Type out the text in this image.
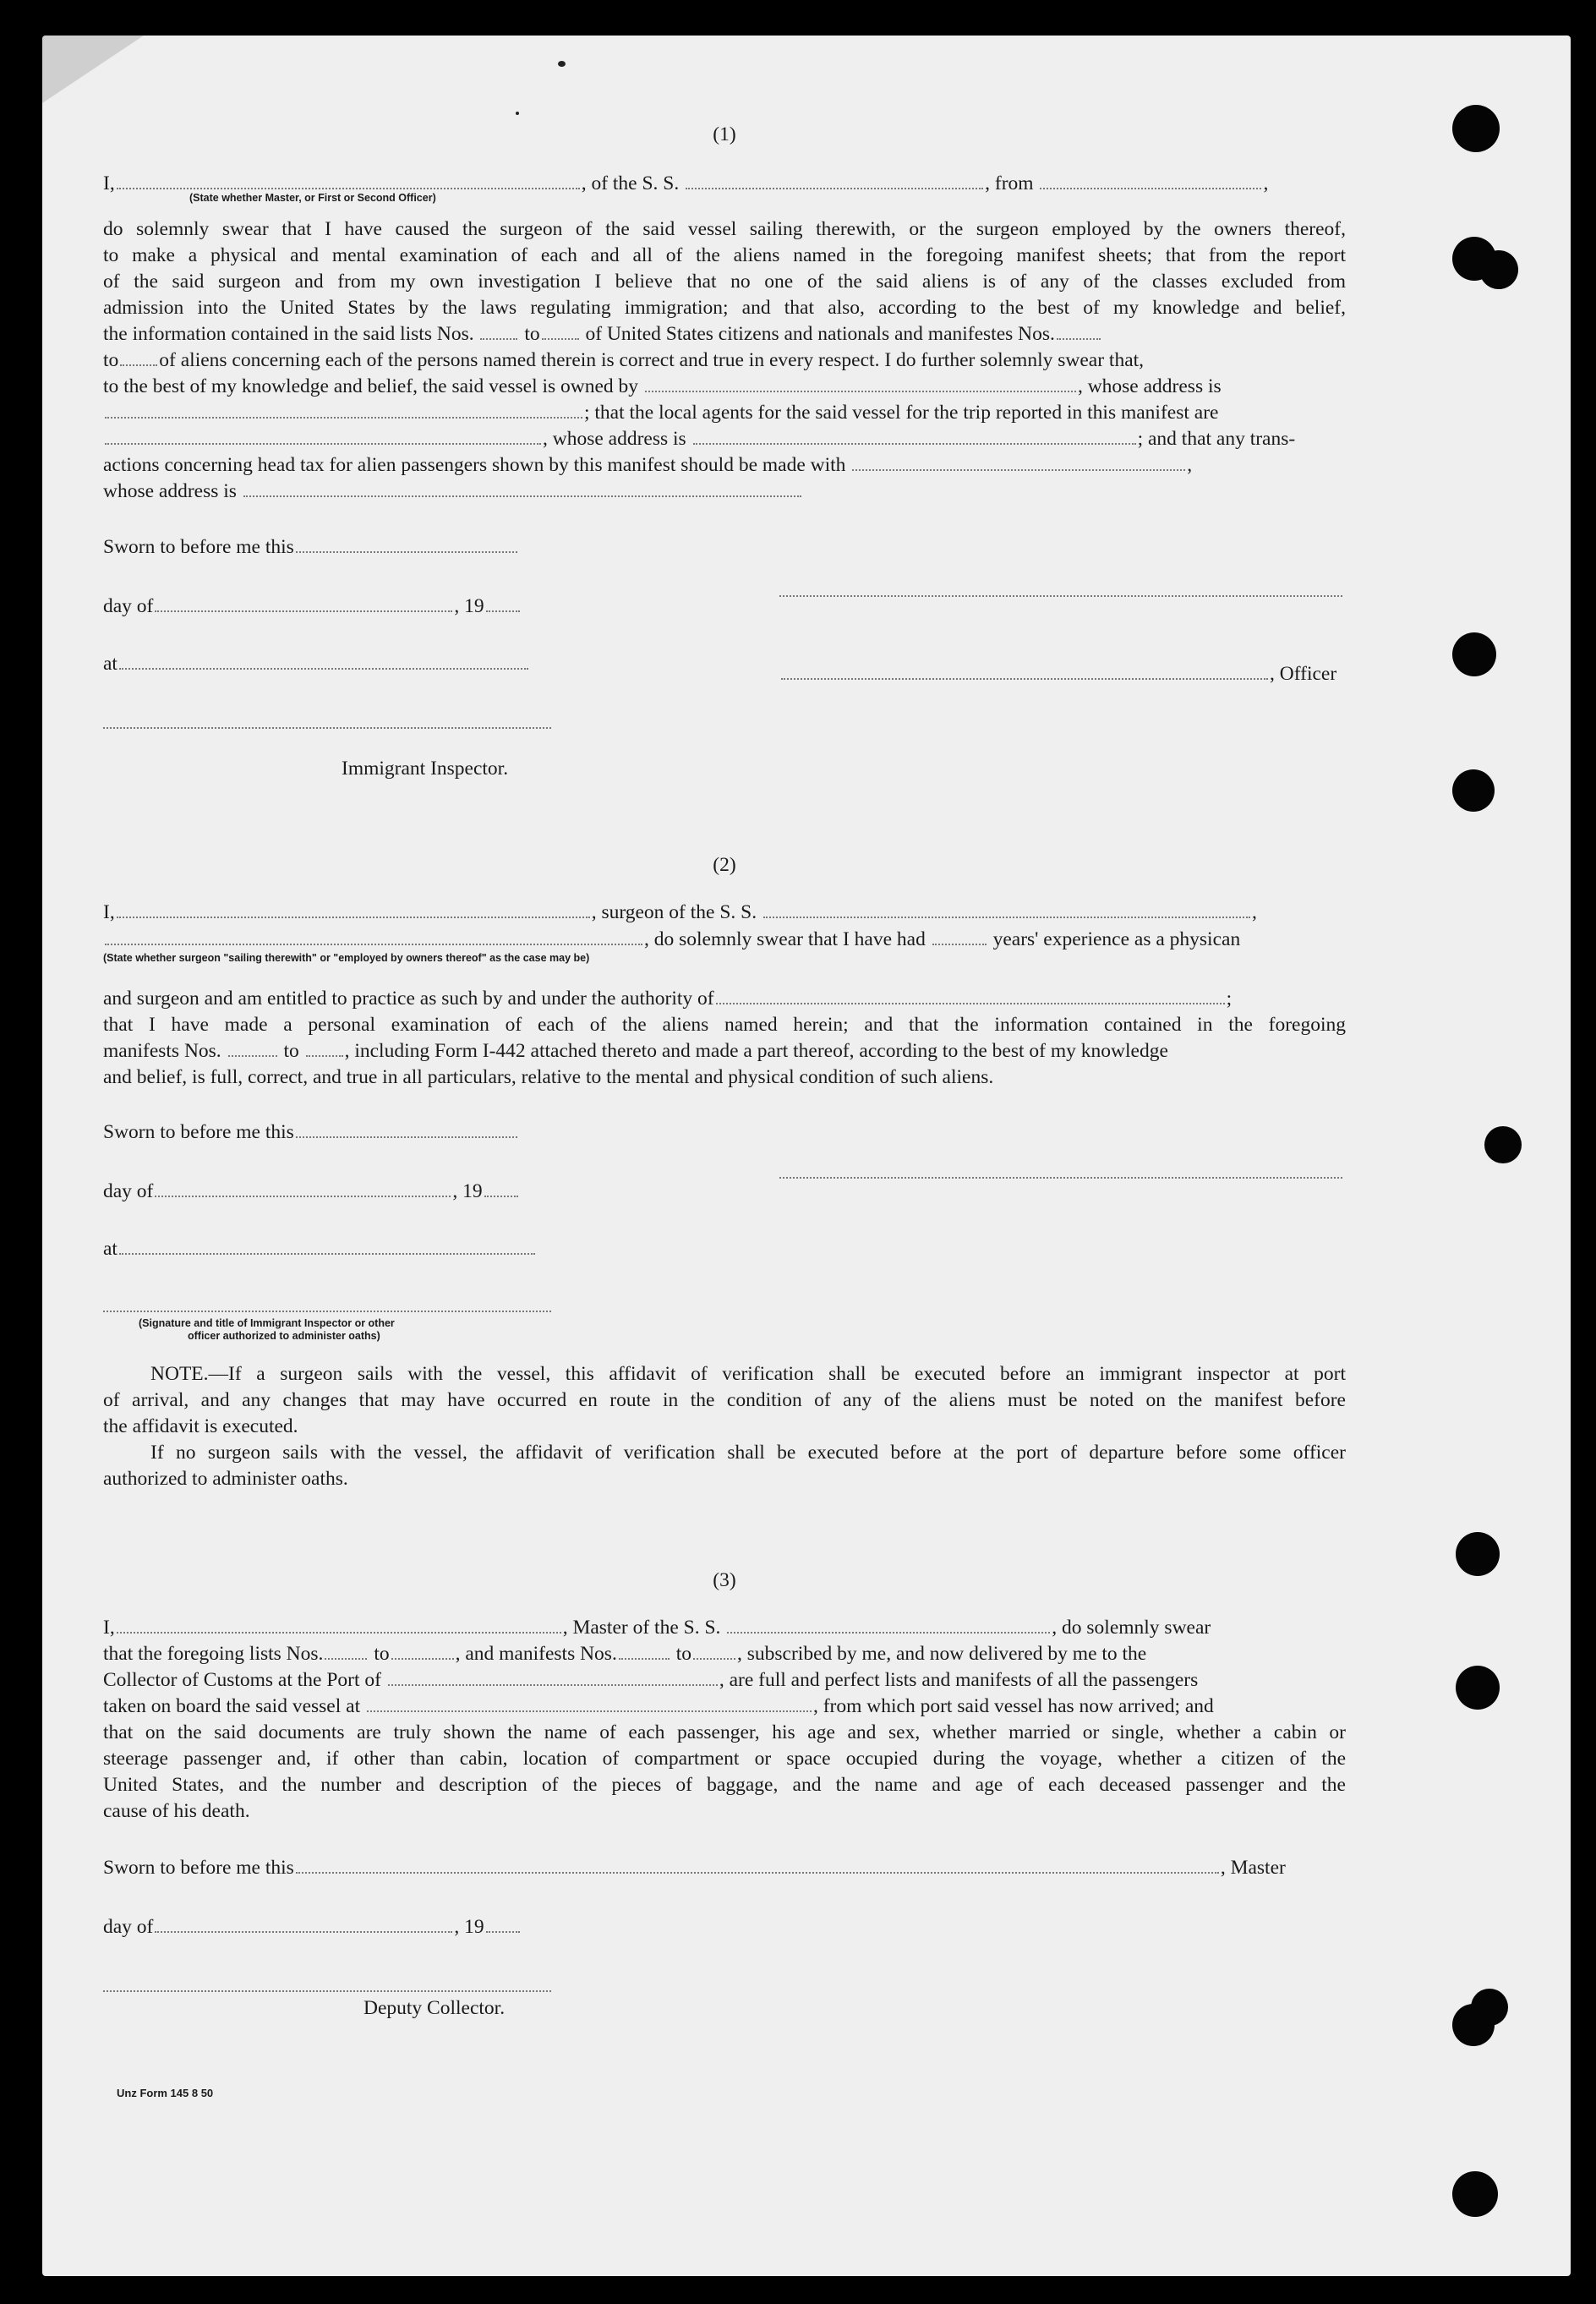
(1)
I,	, of the S. S.	, from	,
(State whether Master, or First or Second Officer)
do solemnly swear that I have caused the surgeon of the said vessel sailing therewith, or the surgeon employed by the owners thereof,
to make a physical and mental examination of each and all of the aliens named in the foregoing manifest sheets; that from the report
of the said surgeon and from my own investigation I believe that no one of the said aliens is of any of the classes excluded from
admission into the United States by the laws regulating immigration; and that also, according to the best of my knowledge and belief,
the information contained in the said lists Nos.	to of United States citizens and nationals and manifestes Nos.
to of aliens concerning each of the persons named therein is correct and true in every respect. I do further solemnly swear that,
to the best of my knowledge and belief, the said vessel is owned by	, whose address is
; that the local agents for the said vessel for the trip reported in this manifest are
, whose address is	; and that any trans-
actions concerning head tax for alien passengers shown by this manifest should be made with	,
whose address is
Sworn to before me this
day of	, 19
at	, Officer
Immigrant Inspector.
(2)
I,	, surgeon of the S. S.	,
, do solemnly swear that I have had	years' experience as a physican
(State whether surgeon "sailing therewith" or "employed by owners thereof" as the case may be)
and surgeon and am entitled to practice as such by and under the authority of	;
that I have made a personal examination of each of the aliens named herein; and that the information contained in the foregoing
manifests Nos.	to , including Form I-442 attached thereto and made a part thereof, according to the best of my knowledge
and belief, is full, correct, and true in all particulars, relative to the mental and physical condition of such aliens.
Sworn to before me this
day of	, 19
at
(Signature and title of Immigrant Inspector or other
officer authorized to administer oaths)
NOTE.—If a surgeon sails with the vessel, this affidavit of verification shall be executed before an immigrant inspector at port
of arrival, and any changes that may have occurred en route in the condition of any of the aliens must be noted on the manifest before
the affidavit is executed.
If no surgeon sails with the vessel, the affidavit of verification shall be executed before at the port of departure before some officer
authorized to administer oaths.
(3)
I,	, Master of the S. S.	, do solemnly swear
that the foregoing lists Nos.	to	, and manifests Nos.	to , subscribed by me, and now delivered by me to the
Collector of Customs at the Port of	, are full and perfect lists and manifests of all the passengers
taken on board the said vessel at	, from which port said vessel has now arrived; and
that on the said documents are truly shown the name of each passenger, his age and sex, whether married or single, whether a cabin or
steerage passenger and, if other than cabin, location of compartment or space occupied during the voyage, whether a citizen of the
United States, and the number and description of the pieces of baggage, and the name and age of each deceased passenger and the
cause of his death.
Sworn to before me this	, Master
day of	, 19
Deputy Collector.
Unz Form 145 8 50
